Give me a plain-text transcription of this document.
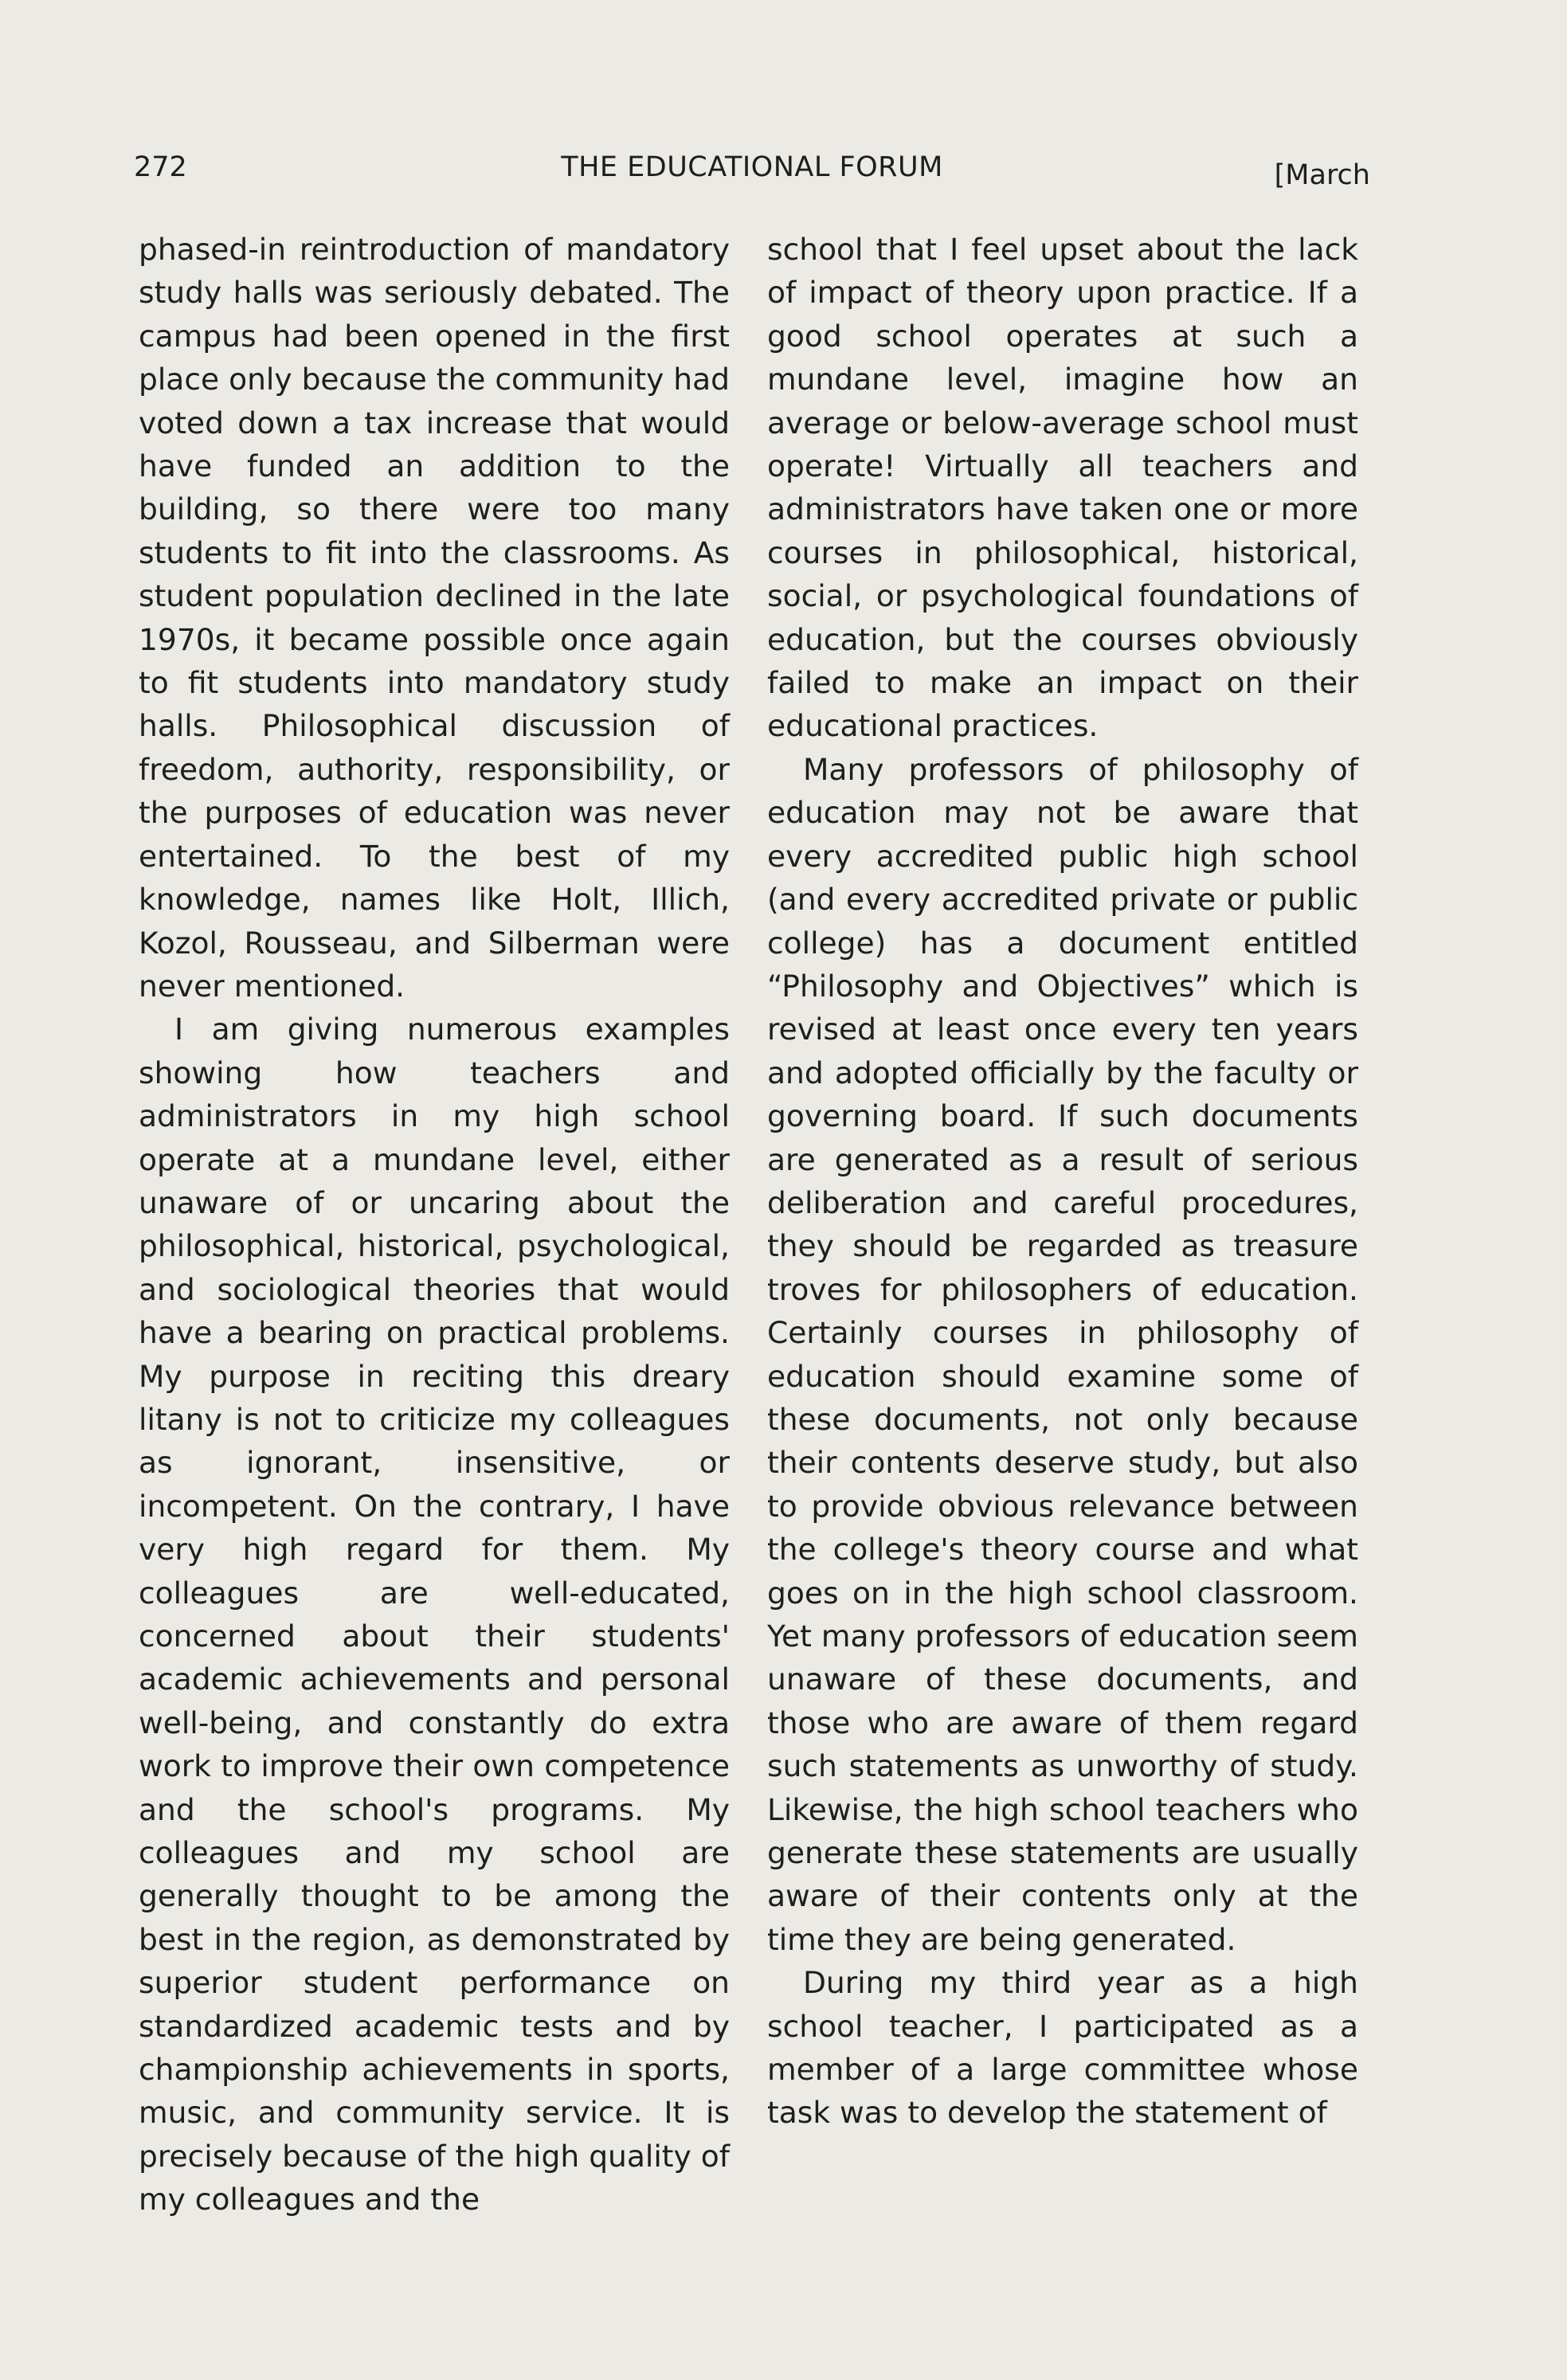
272	THE EDUCATIONAL FORUM	[March

phased-in reintroduction of mandatory study halls was seriously debated. The campus had been opened in the first place only because the community had voted down a tax increase that would have funded an addition to the building, so there were too many students to fit into the classrooms. As student population declined in the late 1970s, it became possible once again to fit students into mandatory study halls. Philosophical discussion of freedom, authority, responsibility, or the purposes of education was never entertained. To the best of my knowledge, names like Holt, Illich, Kozol, Rousseau, and Silberman were never mentioned.

I am giving numerous examples showing how teachers and administrators in my high school operate at a mundane level, either unaware of or uncaring about the philosophical, historical, psychological, and sociological theories that would have a bearing on practical problems. My purpose in reciting this dreary litany is not to criticize my colleagues as ignorant, insensitive, or incompetent. On the contrary, I have very high regard for them. My colleagues are well-educated, concerned about their students' academic achievements and personal well-being, and constantly do extra work to improve their own competence and the school's programs. My colleagues and my school are generally thought to be among the best in the region, as demonstrated by superior student performance on standardized academic tests and by championship achievements in sports, music, and community service. It is precisely because of the high quality of my colleagues and the

school that I feel upset about the lack of impact of theory upon practice. If a good school operates at such a mundane level, imagine how an average or below-average school must operate! Virtually all teachers and administrators have taken one or more courses in philosophical, historical, social, or psychological foundations of education, but the courses obviously failed to make an impact on their educational practices.

Many professors of philosophy of education may not be aware that every accredited public high school (and every accredited private or public college) has a document entitled “Philosophy and Objectives” which is revised at least once every ten years and adopted officially by the faculty or governing board. If such documents are generated as a result of serious deliberation and careful procedures, they should be regarded as treasure troves for philosophers of education. Certainly courses in philosophy of education should examine some of these documents, not only because their contents deserve study, but also to provide obvious relevance between the college's theory course and what goes on in the high school classroom. Yet many professors of education seem unaware of these documents, and those who are aware of them regard such statements as unworthy of study. Likewise, the high school teachers who generate these statements are usually aware of their contents only at the time they are being generated.

During my third year as a high school teacher, I participated as a member of a large committee whose task was to develop the statement of
